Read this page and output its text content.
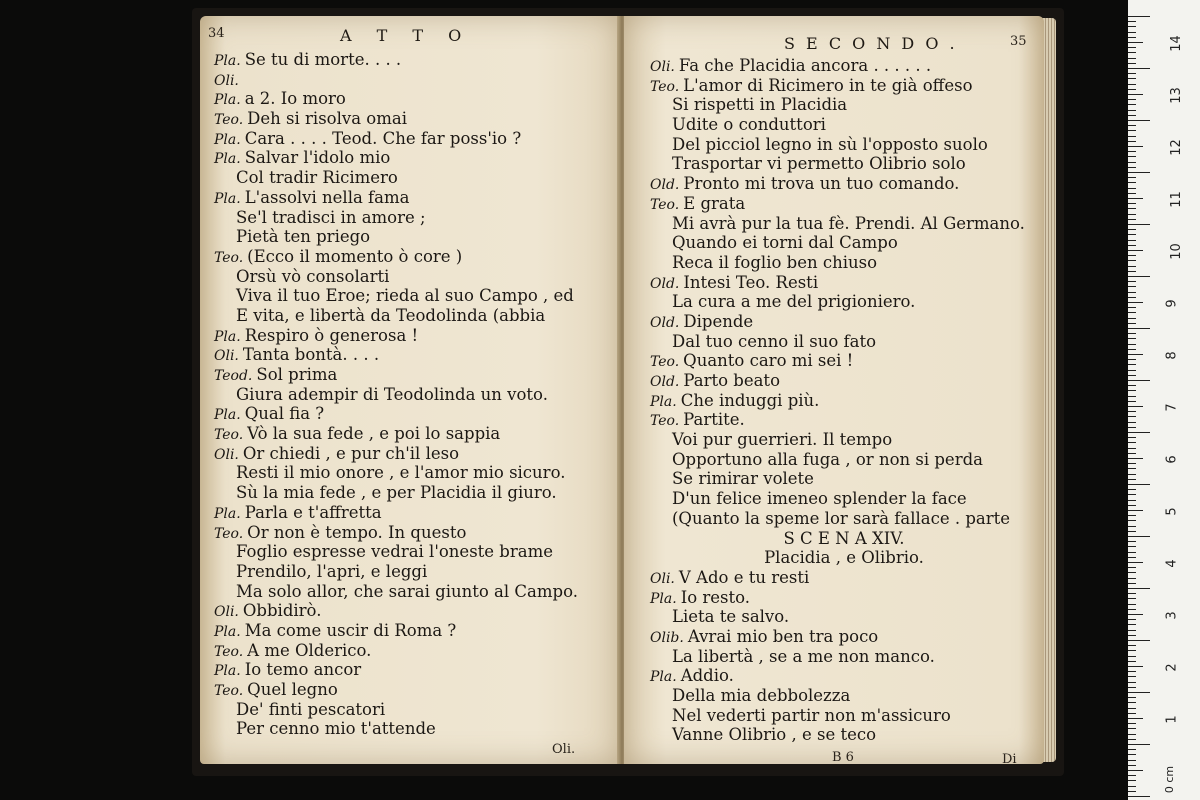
34	A T T O
Pla. Se tu di morte. . . .
Oli.
Pla. a 2. Io moro
Teo. Deh si risolva omai
Pla. Cara . . . . Teod. Che far poss'io ?
Pla. Salvar l'idolo mio
Col tradir Ricimero
Pla. L'assolvi nella fama
Se'l tradisci in amore ;
Pietà ten priego
Teo. (Ecco il momento ò core )
Orsù vò consolarti
Viva il tuo Eroe; rieda al suo Campo , ed
E vita, e libertà da Teodolinda (abbia
Pla. Respiro ò generosa !
Oli. Tanta bontà. . . .
Teod. Sol prima
Giura adempir di Teodolinda un voto.
Pla. Qual fia ?
Teo. Vò la sua fede , e poi lo sappia
Oli. Or chiedi , e pur ch'il leso
Resti il mio onore , e l'amor mio sicuro.
Sù la mia fede , e per Placidia il giuro.
Pla. Parla e t'affretta
Teo. Or non è tempo. In questo
Foglio espresse vedrai l'oneste brame
Prendilo, l'apri, e leggi
Ma solo allor, che sarai giunto al Campo.
Oli. Obbidirò.
Pla. Ma come uscir di Roma ?
Teo. A me Olderico.
Pla. Io temo ancor
Teo. Quel legno
De' finti pescatori
Per cenno mio t'attende
Oli.
S E C O N D O .	35
Oli. Fa che Placidia ancora . . . . . .
Teo. L'amor di Ricimero in te già offeso
Si rispetti in Placidia
Udite o conduttori
Del picciol legno in sù l'opposto suolo
Trasportar vi permetto Olibrio solo
Old. Pronto mi trova un tuo comando.
Teo. E grata
Mi avrà pur la tua fè. Prendi. Al Germano.
Quando ei torni dal Campo
Reca il foglio ben chiuso
Old. Intesi Teo. Resti
La cura a me del prigioniero.
Old. Dipende
Dal tuo cenno il suo fato
Teo. Quanto caro mi sei !
Old. Parto beato
Pla. Che induggi più.
Teo. Partite.
Voi pur guerrieri. Il tempo
Opportuno alla fuga , or non si perda
Se rimirar volete
D'un felice imeneo splender la face
(Quanto la speme lor sarà fallace . parte
S C E N A XIV.
Placidia , e Olibrio.
Oli. V Ado e tu resti
Pla. Io resto.
Lieta te salvo.
Olib. Avrai mio ben tra poco
La libertà , se a me non manco.
Pla. Addio.
Della mia debbolezza
Nel vederti partir non m'assicuro
Vanne Olibrio , e se teco
B 6	Di
0 cm
14
13
12
11
10
9
8
7
6
5
4
3
2
1
